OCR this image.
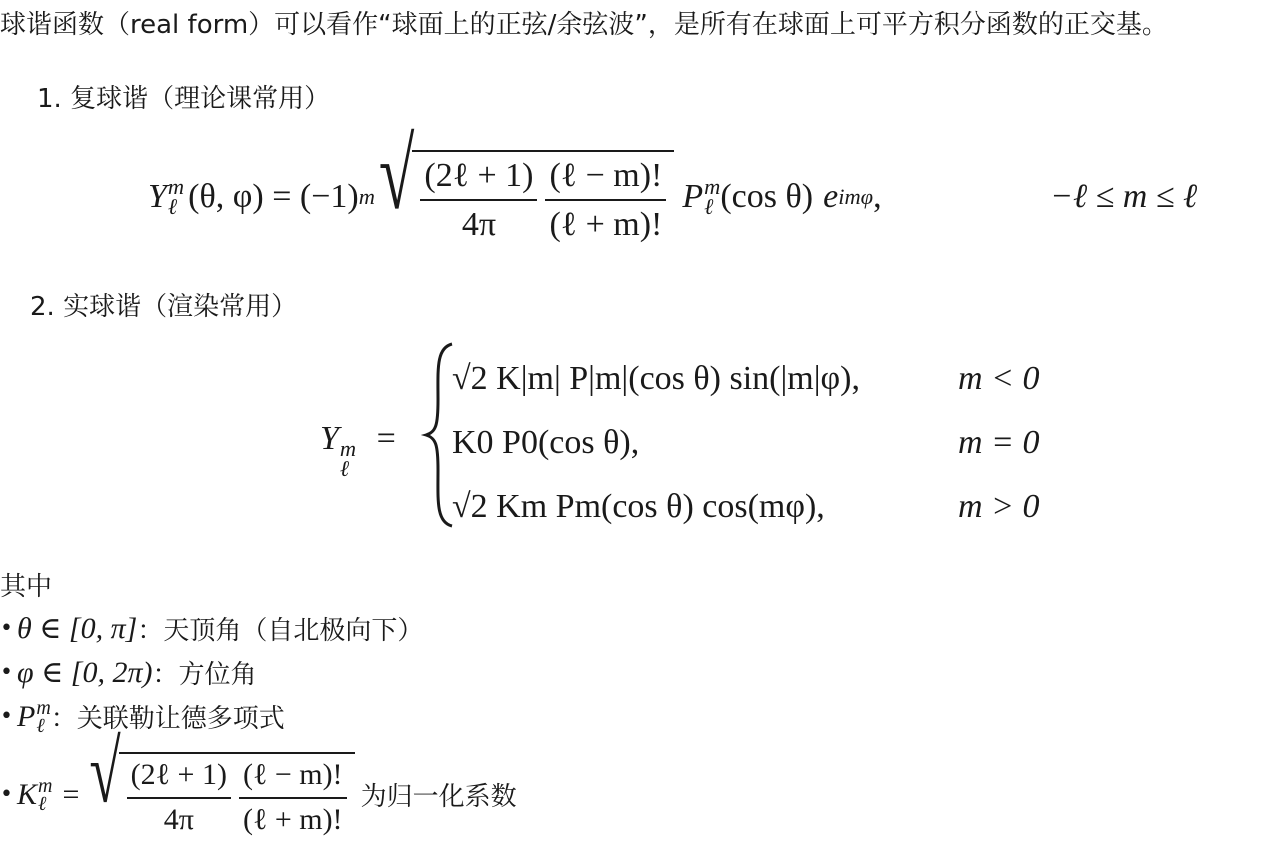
球谐函数（real form）可以看作“球面上的正弦/余弦波”，是所有在球面上可平方积分函数的正交基。
1. 复球谐（理论课常用）
Y m
ℓ (θ, φ) = (−1) m √ $\frac{\text{(2ℓ + 1)}}{4\pi} \frac{\text{(ℓ − m)!}}{\text{(ℓ + m)!}}$ P m
ℓ (cos θ) e imφ ,	−ℓ ≤ m ≤ ℓ
2. 实球谐（渲染常用）
Y m
ℓ
=
√2 K|m| P|m|(cos θ) sin(|m|φ),	m < 0
K0 P0(cos θ),	m = 0
√2 Km Pm(cos θ) cos(mφ),	m > 0
其中
• θ ∈ [0, π] ：天顶角（自北极向下）
• φ ∈ [0, 2π) ：方位角
• P m
ℓ ：关联勒让德多项式
• K m
ℓ = √ $\frac{\text{(2ℓ + 1)}}{4\pi} \frac{\text{(ℓ − m)!}}{\text{(ℓ + m)!}}$ 为归一化系数
